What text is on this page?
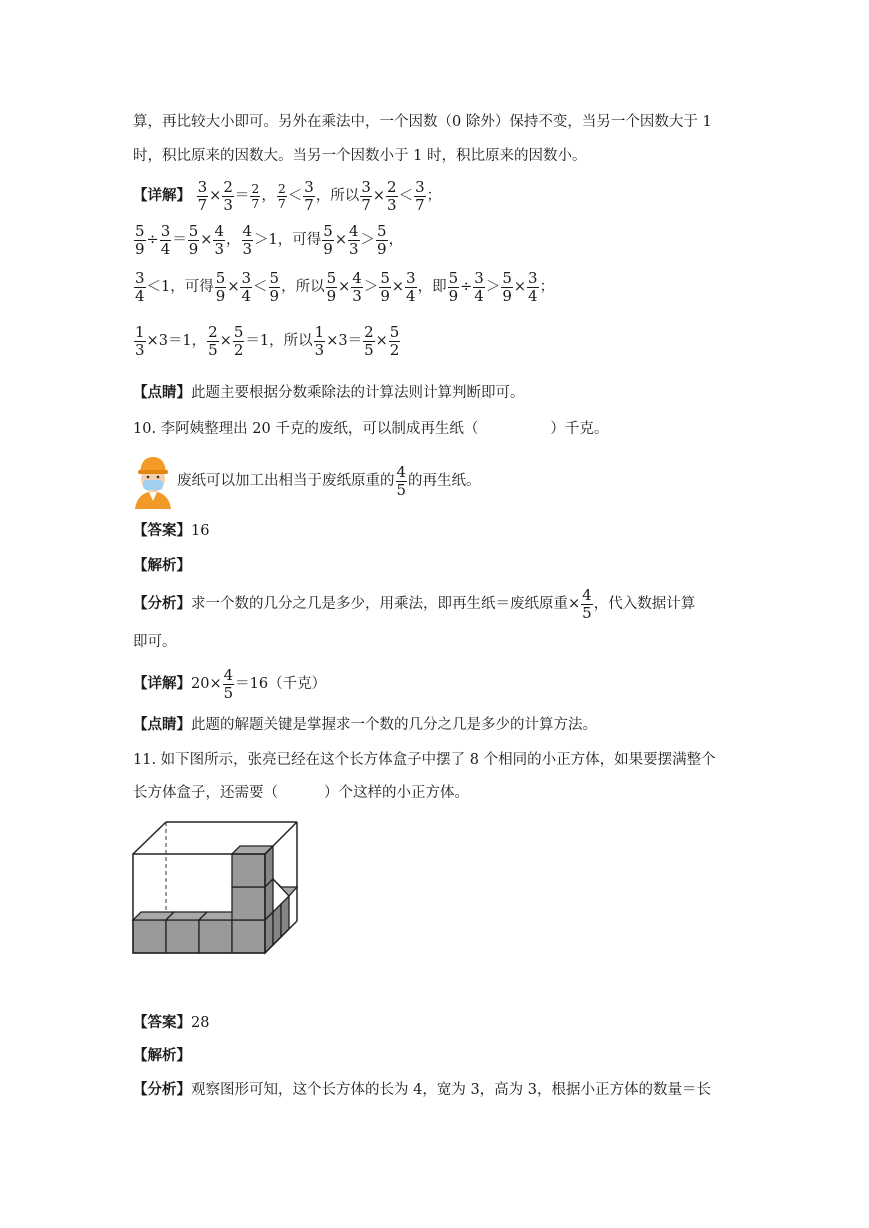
算，再比较大小即可。另外在乘法中，一个因数（0 除外）保持不变，当另一个因数大于 1
时，积比原来的因数大。当另一个因数小于 1 时，积比原来的因数小。
【详解】 $\frac{3}{7} \times \frac{2}{3} = \frac{2}{7}$ ， $\frac{2}{7} < \frac{3}{7}$ ，所以 $\frac{3}{7} \times \frac{2}{3} < \frac{3}{7}$ ；
$\frac{5}{9} \div \frac{3}{4} = \frac{5}{9} \times \frac{4}{3}$ ， $\frac{4}{3} >1$，可得 $\frac{5}{9} \times \frac{4}{3} > \frac{5}{9}$ ，
$\frac{3}{4} <1$，可得 $\frac{5}{9} \times \frac{3}{4} < \frac{5}{9}$ ，所以 $\frac{5}{9} \times \frac{4}{3} > \frac{5}{9} \times \frac{3}{4}$ ，即 $\frac{5}{9} \div \frac{3}{4} > \frac{5}{9} \times \frac{3}{4}$ ；
$\frac{1}{3} \times 3=1$， $\frac{2}{5} \times \frac{5}{2} =1$，所以 $\frac{1}{3} \times 3= \frac{2}{5} \times \frac{5}{2}$
【点睛】此题主要根据分数乘除法的计算法则计算判断即可。
10. 李阿姨整理出 20 千克的废纸，可以制成再生纸（	）千克。
废纸可以加工出相当于废纸原重的 $\frac{4}{5}$ 的再生纸。
【答案】16
【解析】
【分析】求一个数的几分之几是多少，用乘法，即再生纸＝废纸原重× $\frac{4}{5}$ ，代入数据计算
即可。
【详解】$20\times \frac{4}{5} =16$（千克）
【点睛】此题的解题关键是掌握求一个数的几分之几是多少的计算方法。
11. 如下图所示，张亮已经在这个长方体盒子中摆了 8 个相同的小正方体，如果要摆满整个
长方体盒子，还需要（	）个这样的小正方体。
【答案】28
【解析】
【分析】观察图形可知，这个长方体的长为 4，宽为 3，高为 3，根据小正方体的数量＝长
